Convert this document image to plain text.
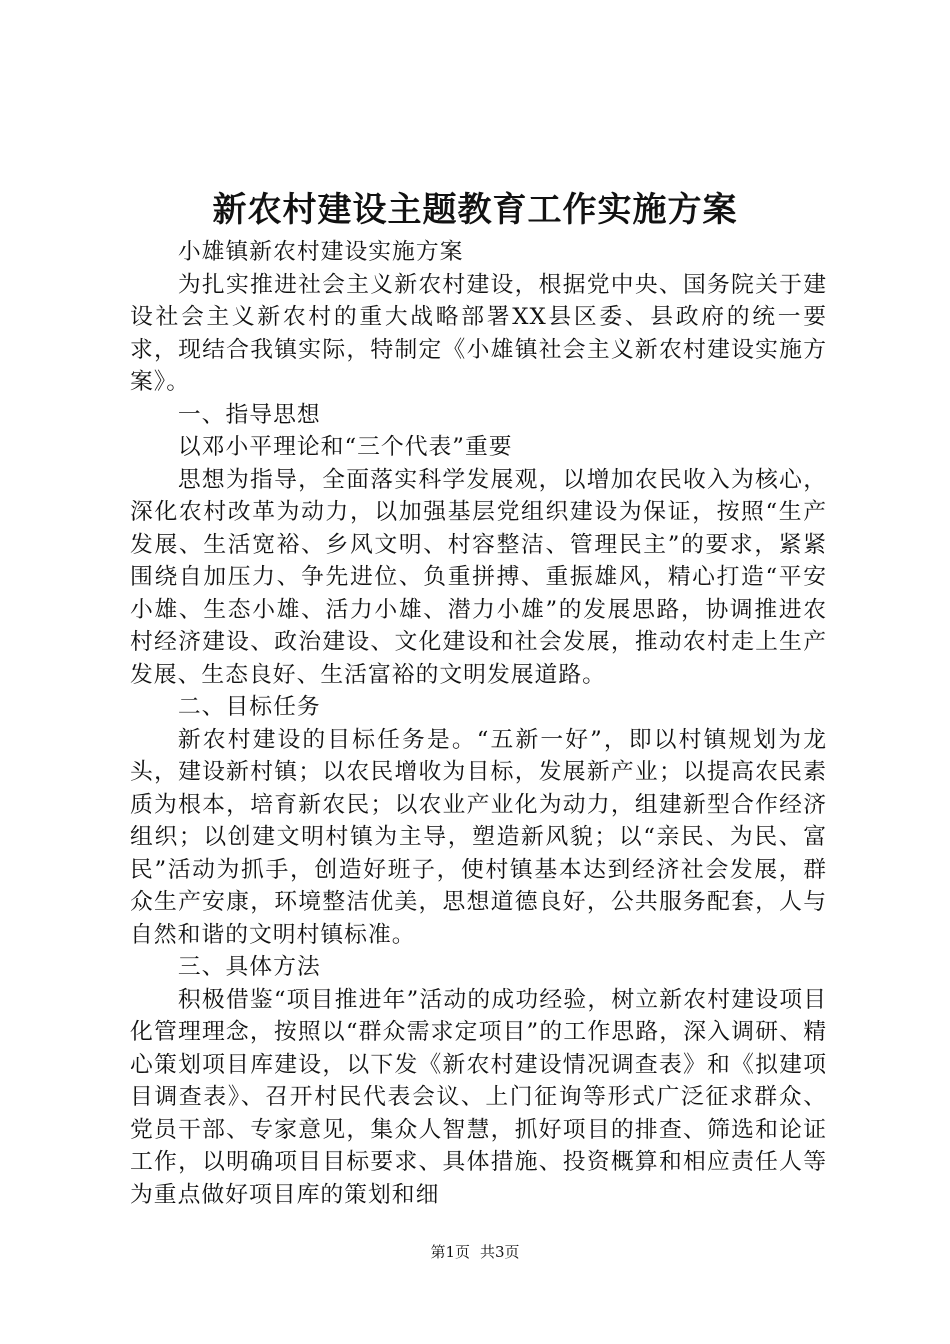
新农村建设主题教育工作实施方案

小雄镇新农村建设实施方案

为扎实推进社会主义新农村建设，根据党中央、国务院关于建设社会主义新农村的重大战略部署XX县区委、县政府的统一要求，现结合我镇实际，特制定《小雄镇社会主义新农村建设实施方案》。

一、指导思想

以邓小平理论和“三个代表”重要

思想为指导，全面落实科学发展观，以增加农民收入为核心，深化农村改革为动力，以加强基层党组织建设为保证，按照“生产发展、生活宽裕、乡风文明、村容整洁、管理民主”的要求，紧紧围绕自加压力、争先进位、负重拼搏、重振雄风，精心打造“平安小雄、生态小雄、活力小雄、潜力小雄”的发展思路，协调推进农村经济建设、政治建设、文化建设和社会发展，推动农村走上生产发展、生态良好、生活富裕的文明发展道路。

二、目标任务

新农村建设的目标任务是。“五新一好”，即以村镇规划为龙头，建设新村镇；以农民增收为目标，发展新产业；以提高农民素质为根本，培育新农民；以农业产业化为动力，组建新型合作经济组织；以创建文明村镇为主导，塑造新风貌；以“亲民、为民、富民”活动为抓手，创造好班子，使村镇基本达到经济社会发展，群众生产安康，环境整洁优美，思想道德良好，公共服务配套，人与自然和谐的文明村镇标准。

三、具体方法

积极借鉴“项目推进年”活动的成功经验，树立新农村建设项目化管理理念，按照以“群众需求定项目”的工作思路，深入调研、精心策划项目库建设，以下发《新农村建设情况调查表》和《拟建项目调查表》、召开村民代表会议、上门征询等形式广泛征求群众、党员干部、专家意见，集众人智慧，抓好项目的排查、筛选和论证工作，以明确项目目标要求、具体措施、投资概算和相应责任人等为重点做好项目库的策划和细

第1页 共3页
